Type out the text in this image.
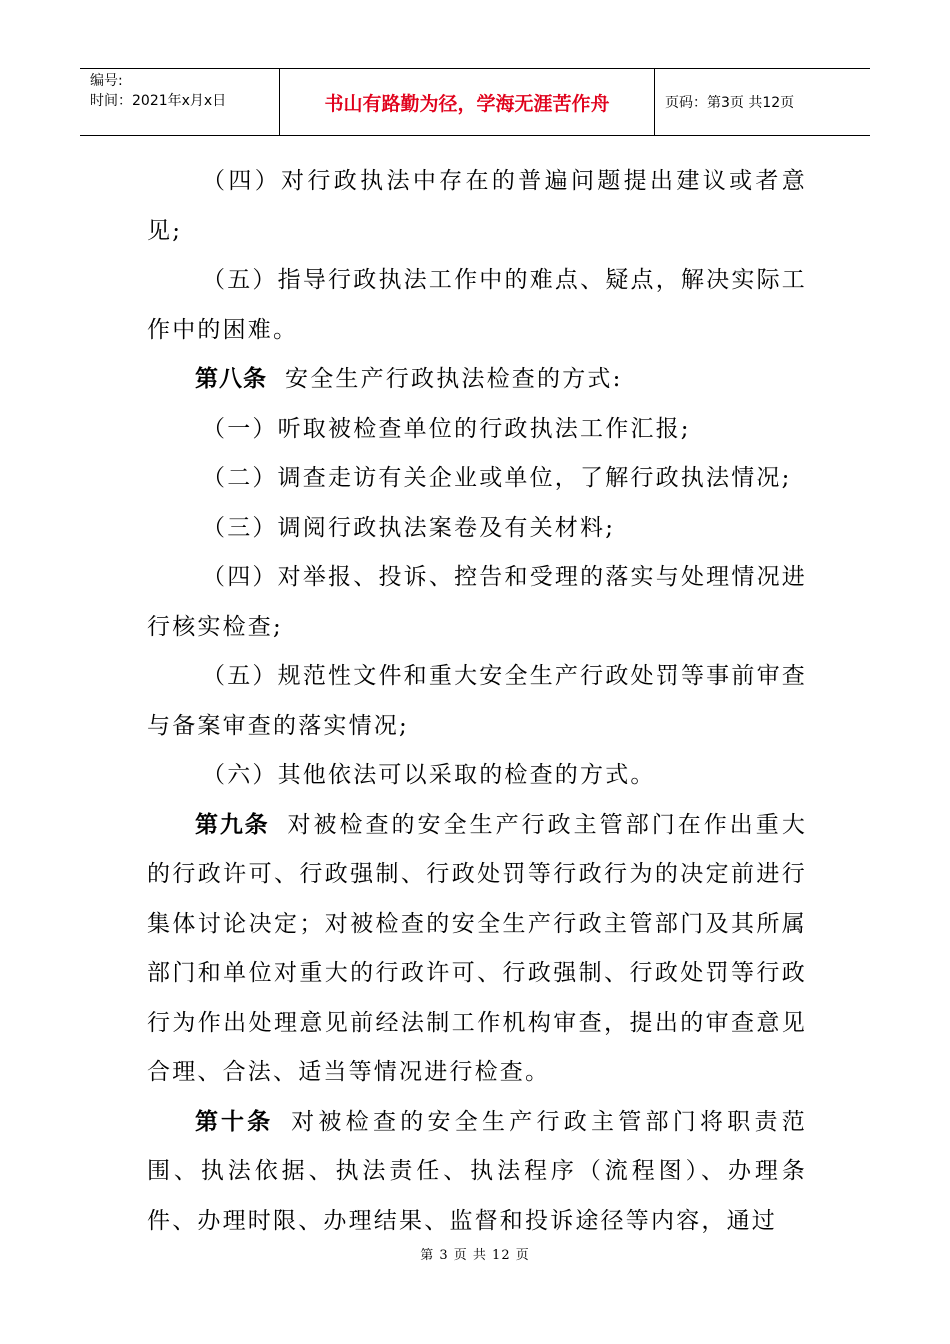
编号:
时间：2021年x月x日	书山有路勤为径，学海无涯苦作舟	页码：第3页 共12页

（四）对行政执法中存在的普遍问题提出建议或者意见;

（五）指导行政执法工作中的难点、疑点，解决实际工作中的困难。

第八条 安全生产行政执法检查的方式:

（一）听取被检查单位的行政执法工作汇报;

（二）调查走访有关企业或单位，了解行政执法情况;

（三）调阅行政执法案卷及有关材料;

（四）对举报、投诉、控告和受理的落实与处理情况进行核实检查;

（五）规范性文件和重大安全生产行政处罚等事前审查与备案审查的落实情况;

（六）其他依法可以采取的检查的方式。

第九条 对被检查的安全生产行政主管部门在作出重大的行政许可、行政强制、行政处罚等行政行为的决定前进行集体讨论决定；对被检查的安全生产行政主管部门及其所属部门和单位对重大的行政许可、行政强制、行政处罚等行政行为作出处理意见前经法制工作机构审查，提出的审查意见合理、合法、适当等情况进行检查。

第十条 对被检查的安全生产行政主管部门将职责范围、执法依据、执法责任、执法程序（流程图）、办理条件、办理时限、办理结果、监督和投诉途径等内容，通过

第 3 页 共 12 页
